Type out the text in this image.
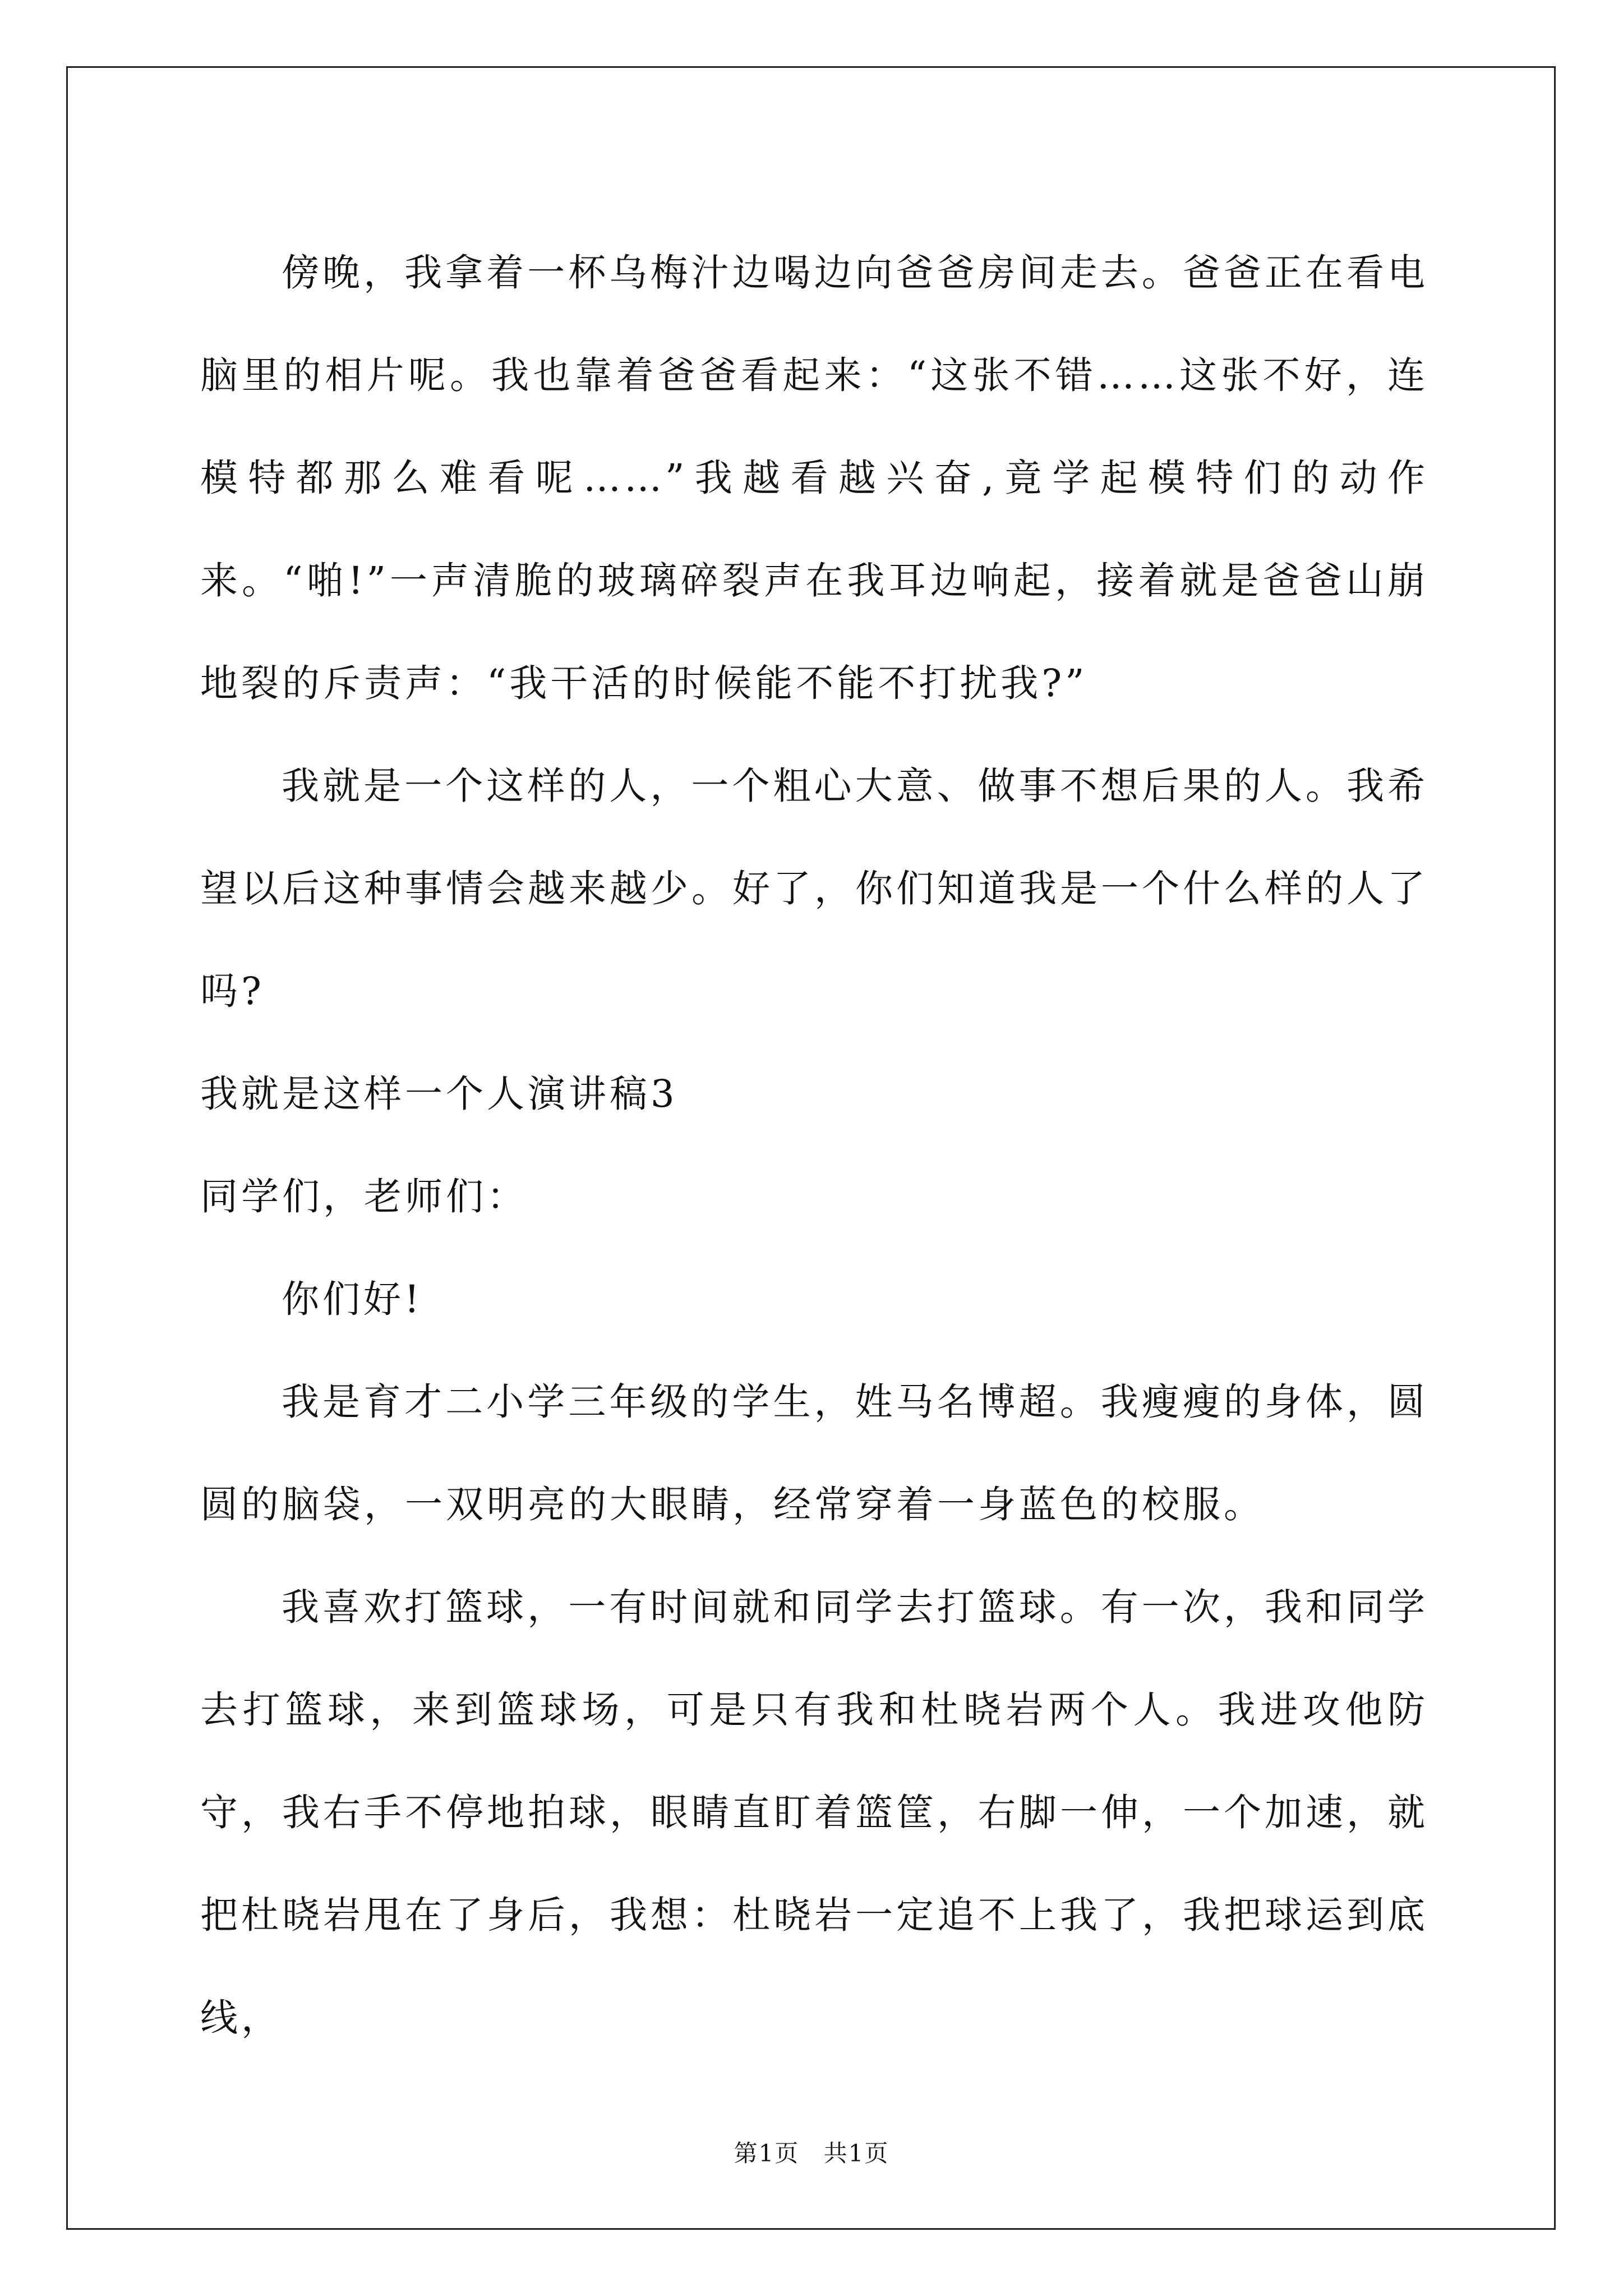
傍晚，我拿着一杯乌梅汁边喝边向爸爸房间走去。爸爸正在看电脑里的相片呢。我也靠着爸爸看起来：“这张不错……这张不好，连模特都那么难看呢……”我越看越兴奋,竟学起模特们的动作来。“啪!”一声清脆的玻璃碎裂声在我耳边响起，接着就是爸爸山崩地裂的斥责声：“我干活的时候能不能不打扰我?”

我就是一个这样的人，一个粗心大意、做事不想后果的人。我希望以后这种事情会越来越少。好了，你们知道我是一个什么样的人了吗?

我就是这样一个人演讲稿3

同学们，老师们：

你们好!

我是育才二小学三年级的学生，姓马名博超。我瘦瘦的身体，圆圆的脑袋，一双明亮的大眼睛，经常穿着一身蓝色的校服。

我喜欢打篮球，一有时间就和同学去打篮球。有一次，我和同学去打篮球，来到篮球场，可是只有我和杜晓岩两个人。我进攻他防守，我右手不停地拍球，眼睛直盯着篮筐，右脚一伸，一个加速，就把杜晓岩甩在了身后，我想：杜晓岩一定追不上我了，我把球运到底线，

第1页 共1页
